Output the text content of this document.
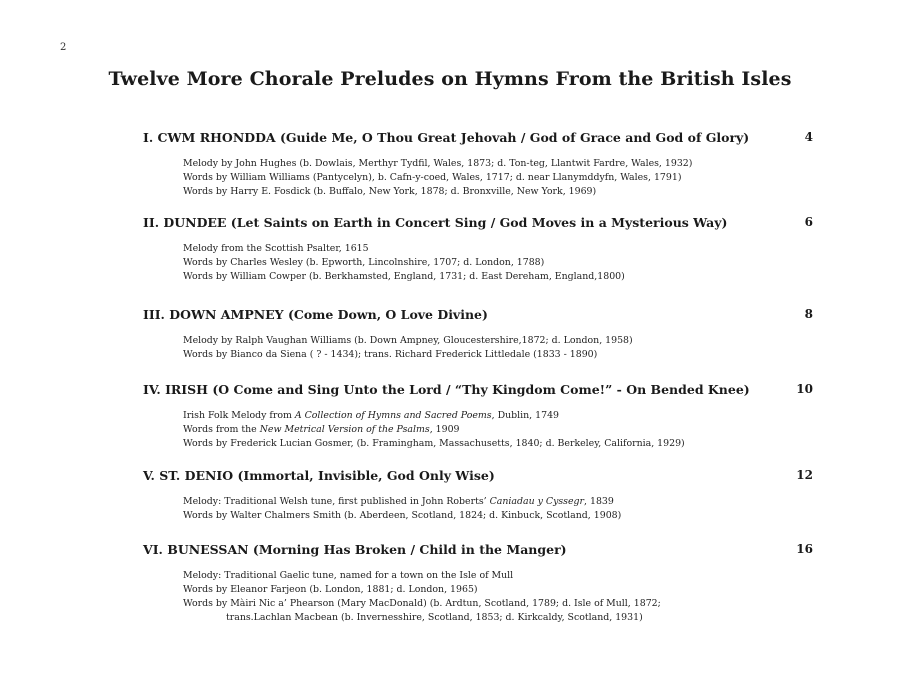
2
Twelve More Chorale Preludes on Hymns From the British Isles
I. CWM RHONDDA (Guide Me, O Thou Great Jehovah / God of Grace and God of Glory)	4
Melody by John Hughes (b. Dowlais, Merthyr Tydfil, Wales, 1873; d. Ton-teg, Llantwit Fardre, Wales, 1932)
Words by William Williams (Pantycelyn), b. Cafn-y-coed, Wales, 1717; d. near Llanymddyfn, Wales, 1791)
Words by Harry E. Fosdick (b. Buffalo, New York, 1878; d. Bronxville, New York, 1969)
II. DUNDEE (Let Saints on Earth in Concert Sing / God Moves in a Mysterious Way)	6
Melody from the Scottish Psalter, 1615
Words by Charles Wesley (b. Epworth, Lincolnshire, 1707; d. London, 1788)
Words by William Cowper (b. Berkhamsted, England, 1731; d. East Dereham, England,1800)
III. DOWN AMPNEY (Come Down, O Love Divine)	8
Melody by Ralph Vaughan Williams (b. Down Ampney, Gloucestershire,1872; d. London, 1958)
Words by Bianco da Siena ( ? - 1434); trans. Richard Frederick Littledale (1833 - 1890)
IV. IRISH (O Come and Sing Unto the Lord / “Thy Kingdom Come!” - On Bended Knee)	10
Irish Folk Melody from A Collection of Hymns and Sacred Poems, Dublin, 1749
Words from the New Metrical Version of the Psalms, 1909
Words by Frederick Lucian Gosmer, (b. Framingham, Massachusetts, 1840; d. Berkeley, California, 1929)
V. ST. DENIO (Immortal, Invisible, God Only Wise)	12
Melody: Traditional Welsh tune, first published in John Roberts’ Caniadau y Cyssegr, 1839
Words by Walter Chalmers Smith (b. Aberdeen, Scotland, 1824; d. Kinbuck, Scotland, 1908)
VI. BUNESSAN (Morning Has Broken / Child in the Manger)	16
Melody: Traditional Gaelic tune, named for a town on the Isle of Mull
Words by Eleanor Farjeon (b. London, 1881; d. London, 1965)
Words by Màiri Nic a’ Phearson (Mary MacDonald) (b. Ardtun, Scotland, 1789; d. Isle of Mull, 1872;
trans.Lachlan Macbean (b. Invernesshire, Scotland, 1853; d. Kirkcaldy, Scotland, 1931)
